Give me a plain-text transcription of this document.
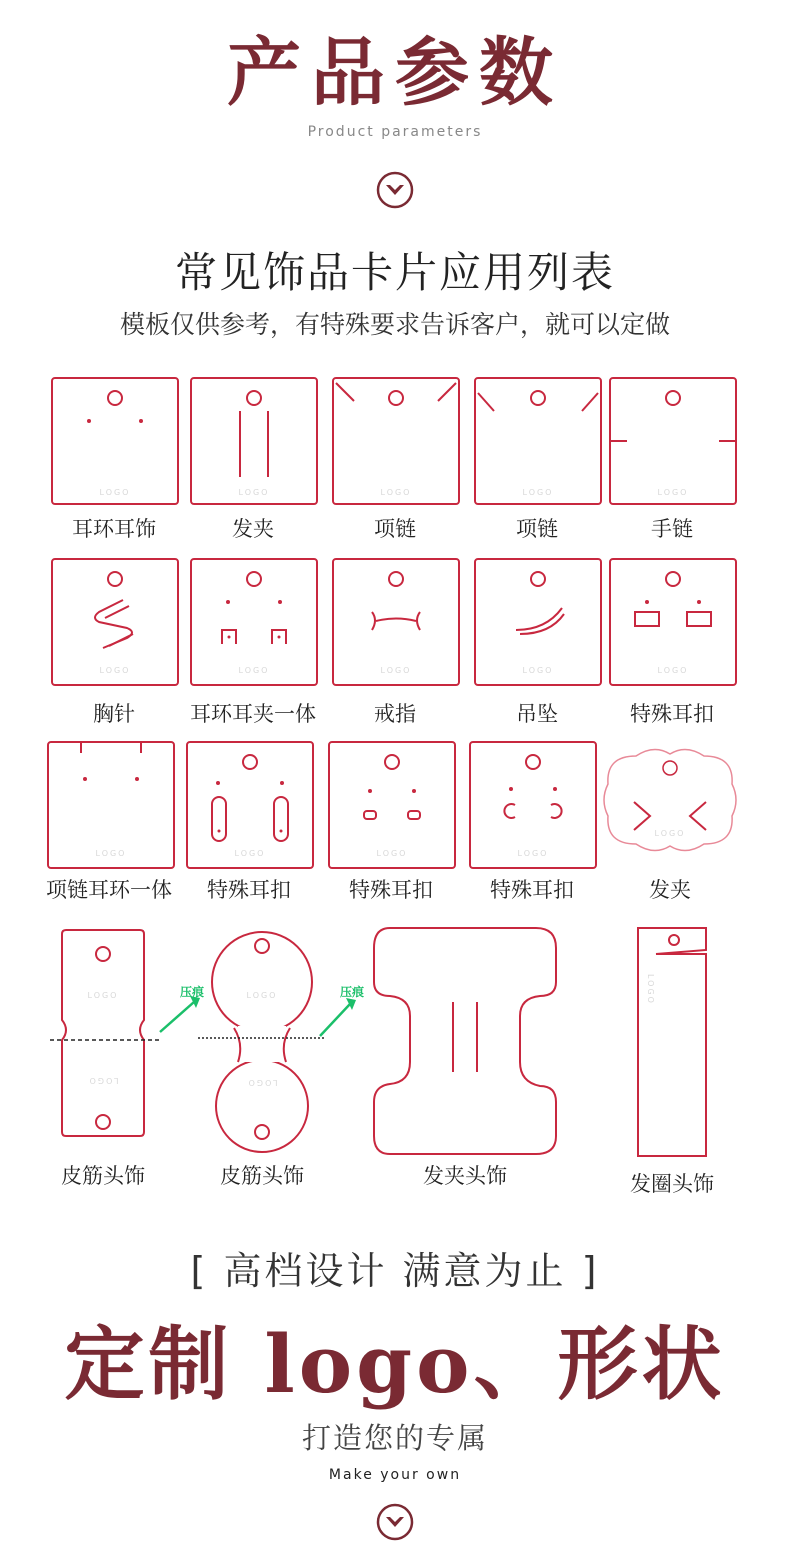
产品参数
Product parameters
常见饰品卡片应用列表
模板仅供参考，有特殊要求告诉客户，就可以定做
LOGO	LOGO	LOGO	LOGO	LOGO
耳环耳饰	发夹	项链	项链	手链
LOGO	LOGO	LOGO	LOGO	LOGO
胸针	耳环耳夹一体	戒指	吊坠	特殊耳扣
LOGO	LOGO	LOGO	LOGO
LOGO
项链耳环一体	特殊耳扣	特殊耳扣	特殊耳扣	发夹
LOGO
LOGO
压痕	LOGO
LOGO
压痕	LOGO
皮筋头饰	皮筋头饰	发夹头饰	发圈头饰
[ 高档设计 满意为止 ]
定制 logo、形状
打造您的专属
Make your own
